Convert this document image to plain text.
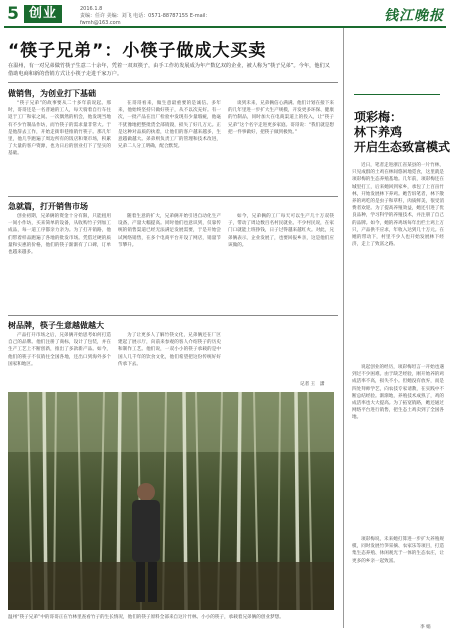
5 创业	2016.1.8
责编：任许 美编：刘飞 电话：0571-88787155 E-mail：fwmh@163.com	钱江晚报
“筷子兄弟”：小筷子做成大买卖
在温州，有一对兄弟做竹筷子生意二十余年，凭着一双双筷子，由手工作坊发展成为年产数亿双的企业，被人称为“筷子兄弟”。今年，他们又借助电商和新的营销方式让小筷子走进千家万户。
做销售，为创业打下基础

“筷子兄弟”的故事要从二十多年前说起。那时，哥哥还是一名普通的工人，每天骑着自行车往返于工厂和家之间。一次偶然的机会，他发现当地有不少竹制品作坊，而竹筷子的需求量非常大。于是他辞去工作，开始走街串巷推销竹筷子。那几年里，他几乎跑遍了周边所有的饭店和菜市场，积累了大量的客户资源，也为日后的创业打下了坚实的基础。

在哥哥看来，做生意最重要的是诚信。多年来，他始终坚持只做好筷子，从不以次充好。有一次，一批产品在出厂检验中发现有少量瑕疵，他毫不犹豫地把整批货全部销毁，损失了好几万元。正是这种对品质的执着，让他们的客户越来越多，生意越做越大。弟弟则负责工厂的管理和技术改进，兄弟二人分工明确，配合默契。

谈到未来，兄弟俩信心满满。他们计划在接下来的几年里进一步扩大生产规模，开发更多环保、健康的竹制品，同时加大在电商渠道上的投入，让“筷子兄弟”这个名字走进更多家庭。哥哥说：“我们就是想把一件事做好，把筷子做到极致。”

急就篇，打开销售市场

创业初期，兄弟俩的资金十分有限，只能租用一间小作坊，买来简单的设备，从收购竹子到加工成品，每一道工序都亲力亲为。为了打开销路，他们带着样品跑遍了各地的批发市场。凭借过硬的质量和实惠的价格，他们的筷子渐渐有了口碑，订单也越来越多。

随着生意的扩大，兄弟俩开始引进自动化生产设备，产量大幅提高。同时他们也意识到，仅靠传统的销售渠道已经无法满足发展需要，于是开始尝试网络销售，在多个电商平台开设了网店，销量节节攀升。

如今，兄弟俩的工厂每天可以生产几十万双筷子，带动了周边数百名村民就业。不少村民说，在家门口就能上班挣钱，日子过得越来越红火。对此，兄弟俩表示，企业发展了，也要回报乡亲，这是他们应该做的。

树品牌，筷子生意越做越大

产品打开市场之后，兄弟俩开始思考如何打造自己的品牌。他们注册了商标，设计了包装，并在生产工艺上不断创新，推出了多款新产品。如今，他们的筷子不仅销往全国各地，还出口到海外多个国家和地区。

为了让更多人了解竹筷文化，兄弟俩还在厂区建起了展示厅，向前来参观的客人介绍筷子的历史和制作工艺。他们说，一双小小的筷子承载的是中国人几千年的饮食文化，他们希望把这份传统好好传承下去。

记者 王　潇
温州“筷子兄弟”中的哥哥正在竹林里查看竹子的生长情况，他们的筷子原料全部来自这片竹林。小小的筷子，承载着兄弟俩的创业梦想。
项彩梅：
林下养鸡
开启生态致富模式

近日，笔者走进浙江省某县的一片竹林，只见成群的土鸡在林间悠闲地觅食，这里就是项彩梅的生态养殖基地。几年前，项彩梅还在城里打工，后来她回到家乡，承包了上百亩竹林，开始发展林下养鸡。她告诉笔者，林下散养的鸡吃的是虫子和草籽，肉质鲜美，很受消费者欢迎。为了提高养殖效益，她还引进了优良品种，学习科学的养殖技术，并注册了自己的品牌。如今，她的养鸡场每年出栏土鸡上万只，产品供不应求，年收入达到几十万元。在她的带动下，村里不少人也开始发展林下经济，走上了致富之路。

说起创业的经历，项彩梅坦言一开始也遇到过不少困难。由于缺乏经验，刚开始养的鸡成活率不高，损失不小。但她没有放弃，而是四处拜师学艺，向农技专家请教，在实践中不断总结经验。渐渐地，养殖技术成熟了，鸡的成活率也大大提高。为了拓宽销路，她还通过网络平台进行销售，把生态土鸡卖到了全国各地。

项彩梅说，未来她打算进一步扩大养殖规模，同时发展竹笋采摘、农家乐等项目，打造集生态养殖、休闲观光于一体的生态农庄，让更多的乡亲一起致富。

李 娟
